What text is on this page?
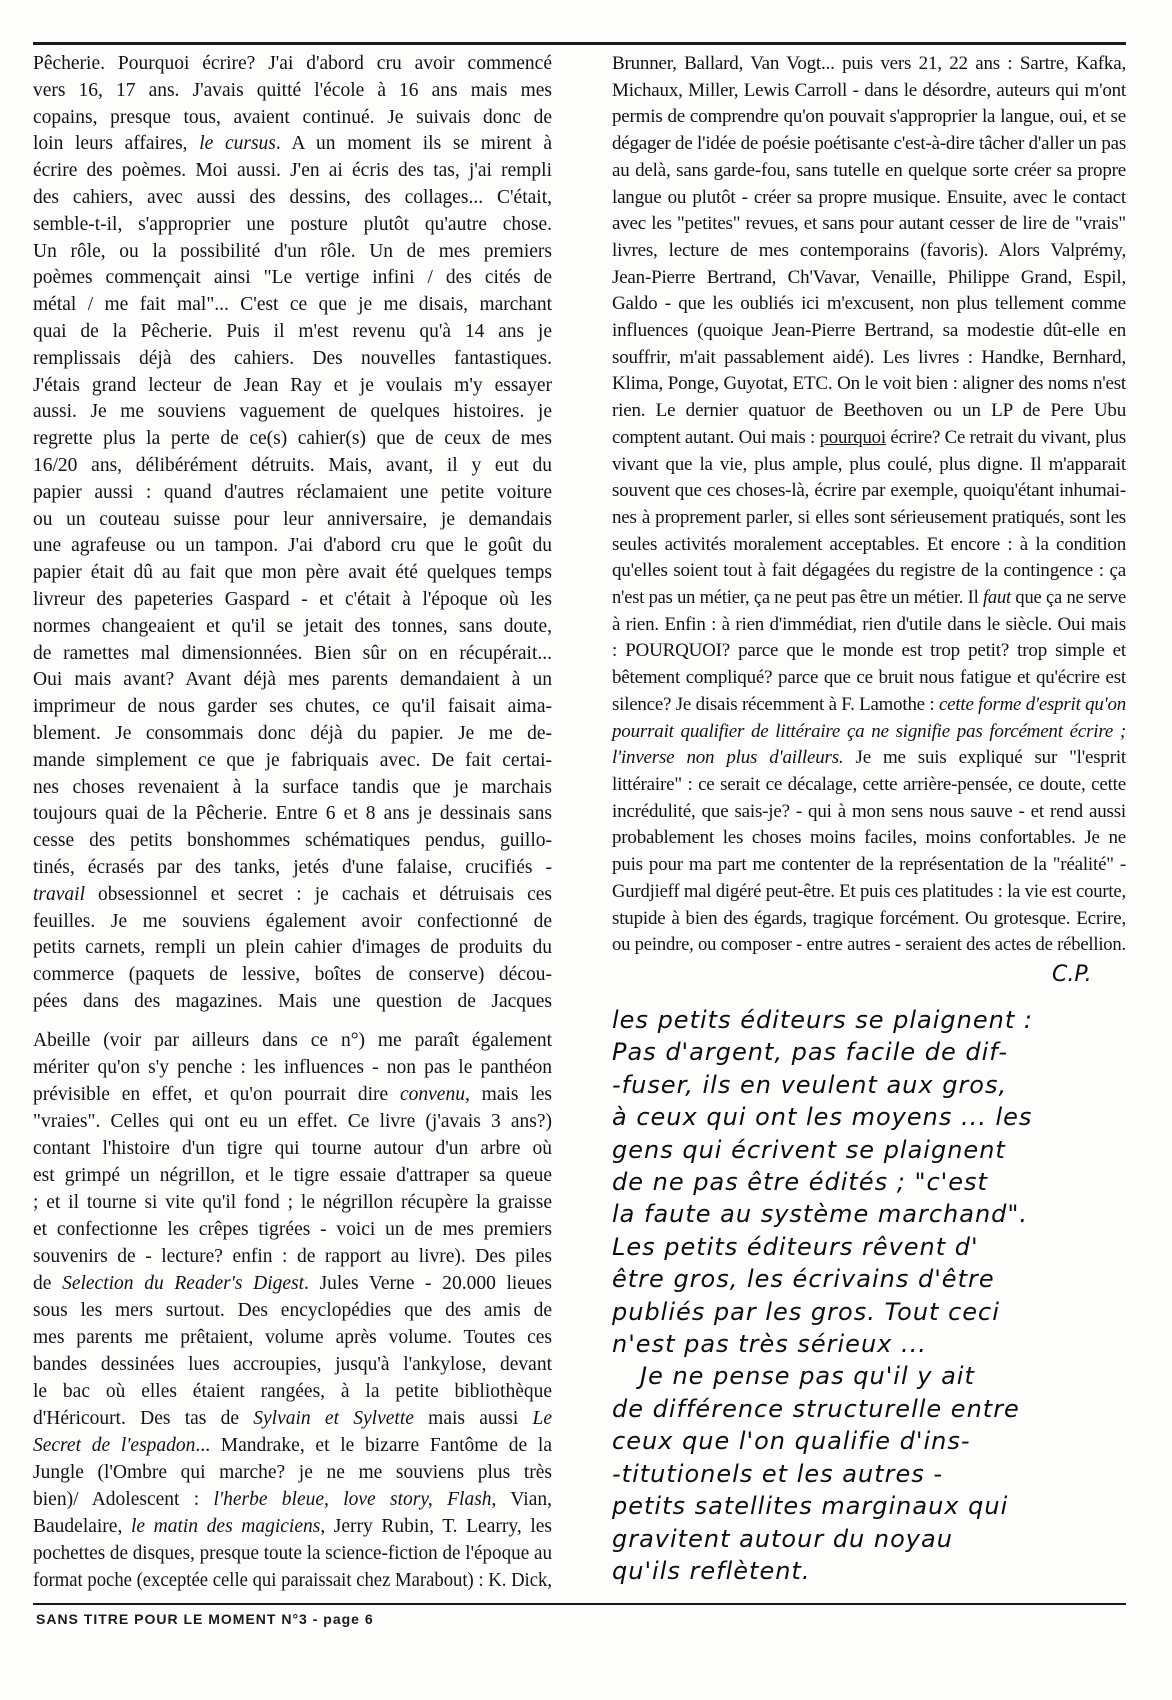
Pêcherie. Pourquoi écrire? J'ai d'abord cru avoir commencé
vers 16, 17 ans. J'avais quitté l'école à 16 ans mais mes
copains, presque tous, avaient continué. Je suivais donc de
loin leurs affaires, le cursus. A un moment ils se mirent à
écrire des poèmes. Moi aussi. J'en ai écris des tas, j'ai rempli
des cahiers, avec aussi des dessins, des collages... C'était,
semble-t-il, s'approprier une posture plutôt qu'autre chose.
Un rôle, ou la possibilité d'un rôle. Un de mes premiers
poèmes commençait ainsi "Le vertige infini / des cités de
métal / me fait mal"... C'est ce que je me disais, marchant
quai de la Pêcherie. Puis il m'est revenu qu'à 14 ans je
remplissais déjà des cahiers. Des nouvelles fantastiques.
J'étais grand lecteur de Jean Ray et je voulais m'y essayer
aussi. Je me souviens vaguement de quelques histoires. je
regrette plus la perte de ce(s) cahier(s) que de ceux de mes
16/20 ans, délibérément détruits. Mais, avant, il y eut du
papier aussi : quand d'autres réclamaient une petite voiture
ou un couteau suisse pour leur anniversaire, je demandais
une agrafeuse ou un tampon. J'ai d'abord cru que le goût du
papier était dû au fait que mon père avait été quelques temps
livreur des papeteries Gaspard - et c'était à l'époque où les
normes changeaient et qu'il se jetait des tonnes, sans doute,
de ramettes mal dimensionnées. Bien sûr on en récupérait...
Oui mais avant? Avant déjà mes parents demandaient à un
imprimeur de nous garder ses chutes, ce qu'il faisait aima-
blement. Je consommais donc déjà du papier. Je me de-
mande simplement ce que je fabriquais avec. De fait certai-
nes choses revenaient à la surface tandis que je marchais
toujours quai de la Pêcherie. Entre 6 et 8 ans je dessinais sans
cesse des petits bonshommes schématiques pendus, guillo-
tinés, écrasés par des tanks, jetés d'une falaise, crucifiés -
travail obsessionnel et secret : je cachais et détruisais ces
feuilles. Je me souviens également avoir confectionné de
petits carnets, rempli un plein cahier d'images de produits du
commerce (paquets de lessive, boîtes de conserve) décou-
pées dans des magazines. Mais une question de Jacques
Abeille (voir par ailleurs dans ce n°) me paraît également
mériter qu'on s'y penche : les influences - non pas le panthéon
prévisible en effet, et qu'on pourrait dire convenu, mais les
"vraies". Celles qui ont eu un effet. Ce livre (j'avais 3 ans?)
contant l'histoire d'un tigre qui tourne autour d'un arbre où
est grimpé un négrillon, et le tigre essaie d'attraper sa queue
; et il tourne si vite qu'il fond ; le négrillon récupère la graisse
et confectionne les crêpes tigrées - voici un de mes premiers
souvenirs de - lecture? enfin : de rapport au livre). Des piles
de Selection du Reader's Digest. Jules Verne - 20.000 lieues
sous les mers surtout. Des encyclopédies que des amis de
mes parents me prêtaient, volume après volume. Toutes ces
bandes dessinées lues accroupies, jusqu'à l'ankylose, devant
le bac où elles étaient rangées, à la petite bibliothèque
d'Héricourt. Des tas de Sylvain et Sylvette mais aussi Le
Secret de l'espadon... Mandrake, et le bizarre Fantôme de la
Jungle (l'Ombre qui marche? je ne me souviens plus très
bien)/ Adolescent : l'herbe bleue, love story, Flash, Vian,
Baudelaire, le matin des magiciens, Jerry Rubin, T. Learry, les
pochettes de disques, presque toute la science-fiction de l'époque au
format poche (exceptée celle qui paraissait chez Marabout) : K. Dick,
Brunner, Ballard, Van Vogt... puis vers 21, 22 ans : Sartre, Kafka,
Michaux, Miller, Lewis Carroll - dans le désordre, auteurs qui m'ont
permis de comprendre qu'on pouvait s'approprier la langue, oui, et se
dégager de l'idée de poésie poétisante c'est-à-dire tâcher d'aller un pas
au delà, sans garde-fou, sans tutelle en quelque sorte créer sa propre
langue ou plutôt - créer sa propre musique. Ensuite, avec le contact
avec les "petites" revues, et sans pour autant cesser de lire de "vrais"
livres, lecture de mes contemporains (favoris). Alors Valprémy,
Jean-Pierre Bertrand, Ch'Vavar, Venaille, Philippe Grand, Espil,
Galdo - que les oubliés ici m'excusent, non plus tellement comme
influences (quoique Jean-Pierre Bertrand, sa modestie dût-elle en
souffrir, m'ait passablement aidé). Les livres : Handke, Bernhard,
Klima, Ponge, Guyotat, ETC. On le voit bien : aligner des noms n'est
rien. Le dernier quatuor de Beethoven ou un LP de Pere Ubu
comptent autant. Oui mais : pourquoi écrire? Ce retrait du vivant, plus
vivant que la vie, plus ample, plus coulé, plus digne. Il m'apparait
souvent que ces choses-là, écrire par exemple, quoiqu'étant inhumai-
nes à proprement parler, si elles sont sérieusement pratiqués, sont les
seules activités moralement acceptables. Et encore : à la condition
qu'elles soient tout à fait dégagées du registre de la contingence : ça
n'est pas un métier, ça ne peut pas être un métier. Il faut que ça ne serve
à rien. Enfin : à rien d'immédiat, rien d'utile dans le siècle. Oui mais
: POURQUOI? parce que le monde est trop petit? trop simple et
bêtement compliqué? parce que ce bruit nous fatigue et qu'écrire est
silence? Je disais récemment à F. Lamothe : cette forme d'esprit qu'on
pourrait qualifier de littéraire ça ne signifie pas forcément écrire ;
l'inverse non plus d'ailleurs. Je me suis expliqué sur "l'esprit
littéraire" : ce serait ce décalage, cette arrière-pensée, ce doute, cette
incrédulité, que sais-je? - qui à mon sens nous sauve - et rend aussi
probablement les choses moins faciles, moins confortables. Je ne
puis pour ma part me contenter de la représentation de la "réalité" -
Gurdjieff mal digéré peut-être. Et puis ces platitudes : la vie est courte,
stupide à bien des égards, tragique forcément. Ou grotesque. Ecrire,
ou peindre, ou composer - entre autres - seraient des actes de rébellion.
C.P.
les petits éditeurs se plaignent :
Pas d'argent, pas facile de dif-
-fuser, ils en veulent aux gros,
à ceux qui ont les moyens ... les
gens qui écrivent se plaignent
de ne pas être édités ; "c'est
la faute au système marchand".
Les petits éditeurs rêvent d'
être gros, les écrivains d'être
publiés par les gros. Tout ceci
n'est pas très sérieux ...
Je ne pense pas qu'il y ait
de différence structurelle entre
ceux que l'on qualifie d'ins-
-titutionels et les autres -
petits satellites marginaux qui
gravitent autour du noyau
qu'ils reflètent.
SANS TITRE POUR LE MOMENT N°3 - page 6
